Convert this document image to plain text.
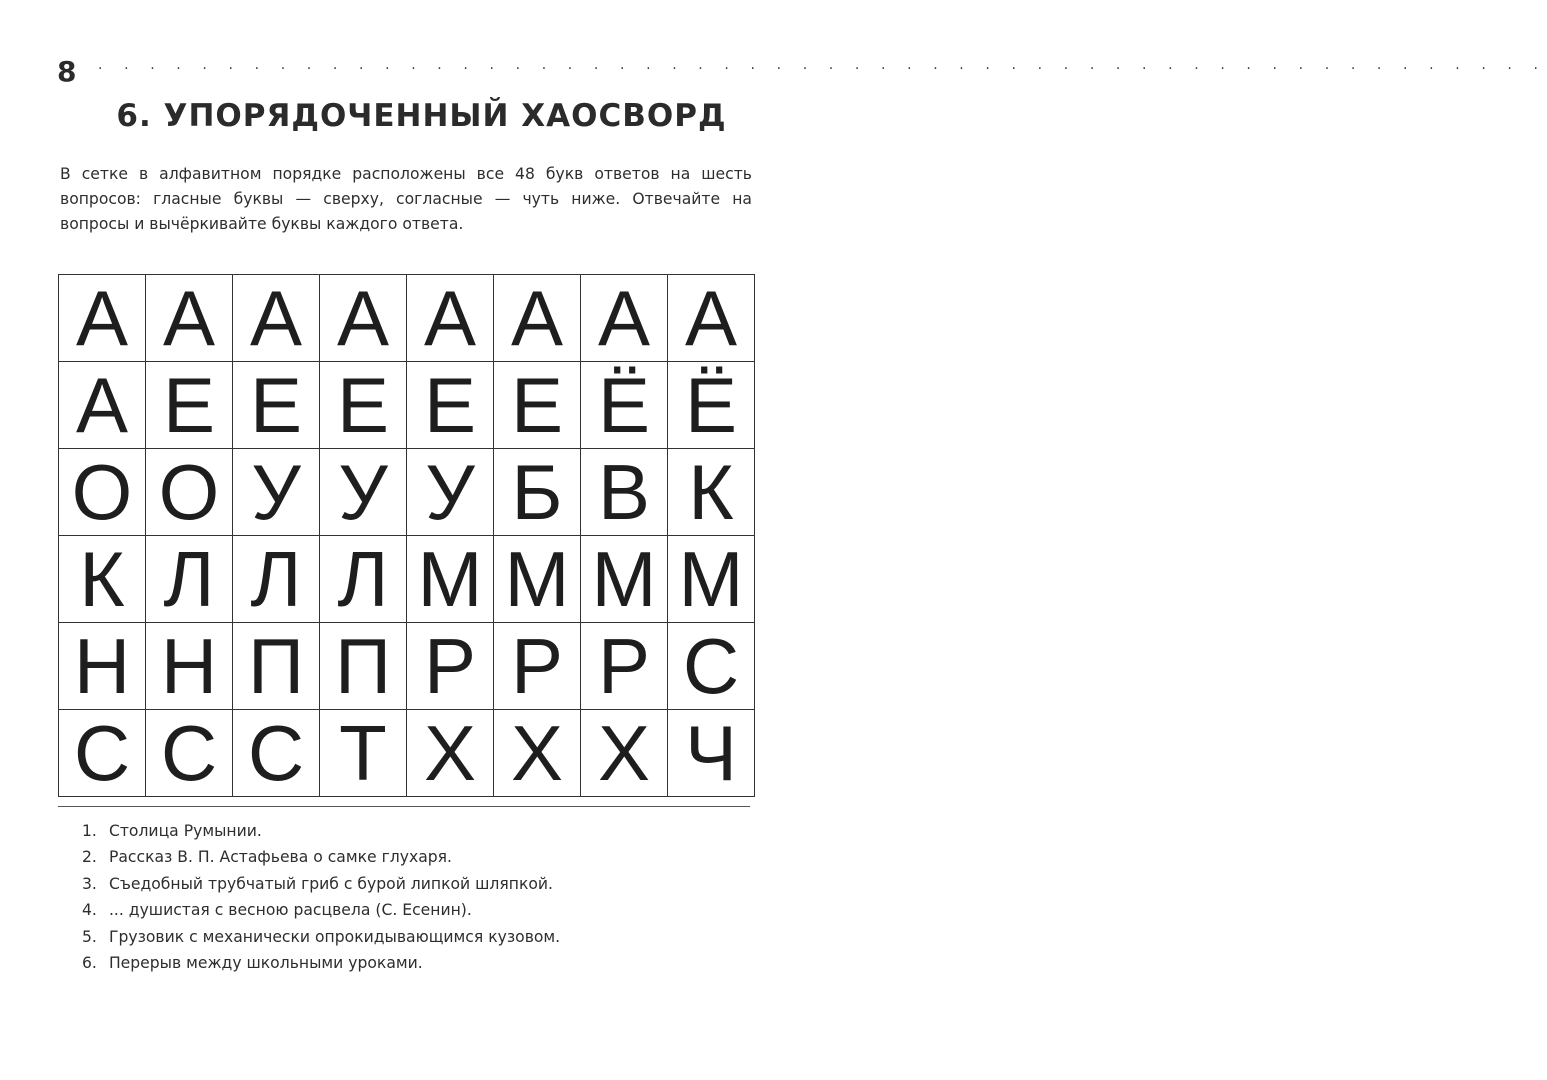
8 · · · · · · · · · · · · · · · · · · · · · · · · · · · · · · · · · · · · · · · · · · · · · · · · · · · · · · · ·
6. УПОРЯДОЧЕННЫЙ ХАОСВОРД
В сетке в алфавитном порядке расположены все 48 букв ответов на шесть вопросов: гласные буквы — сверху, согласные — чуть ниже. Отвечайте на вопросы и вычёркивайте буквы каждого ответа.
А	А	А	А	А	А	А	А
А	Е	Е	Е	Е	Е	Ё	Ё
О	О	У	У	У	Б	В	К
К	Л	Л	Л	М	М	М	М
Н	Н	П	П	Р	Р	Р	С
С	С	С	Т	Х	Х	Х	Ч
1. Столица Румынии.
2. Рассказ В. П. Астафьева о самке глухаря.
3. Съедобный трубчатый гриб с бурой липкой шляпкой.
4. ... душистая с весною расцвела (С. Есенин).
5. Грузовик с механически опрокидывающимся кузовом.
6. Перерыв между школьными уроками.
